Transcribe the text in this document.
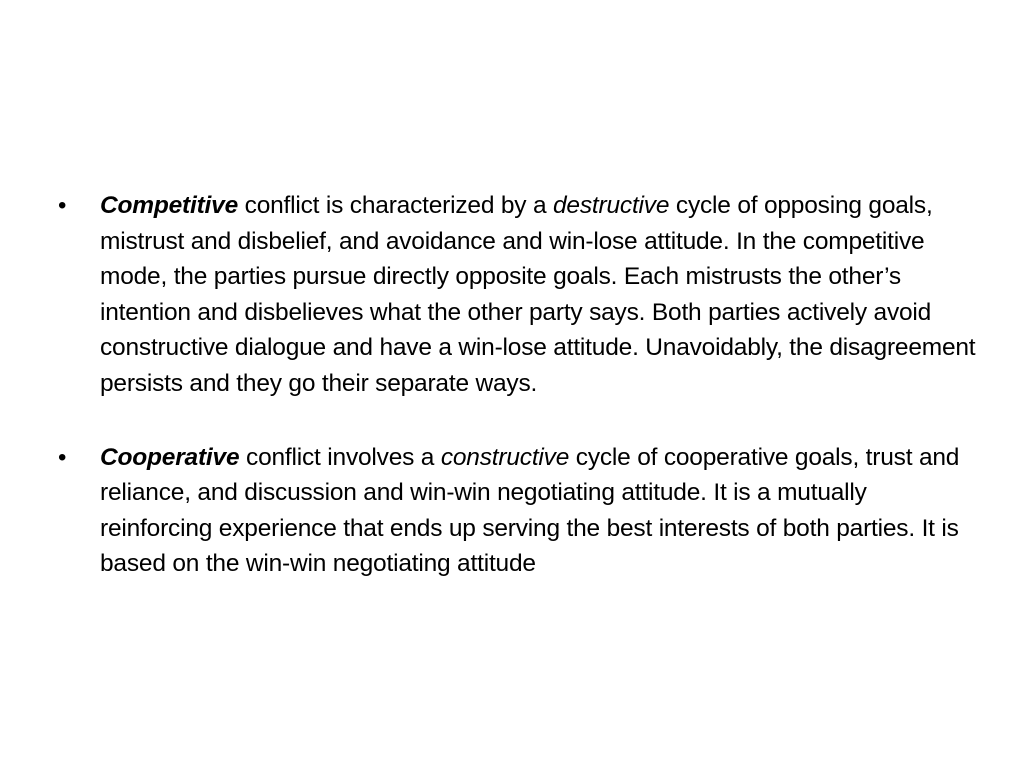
• Competitive conflict is characterized by a destructive cycle of opposing goals, mistrust and disbelief, and avoidance and win-lose attitude. In the competitive mode, the parties pursue directly opposite goals. Each mistrusts the other’s intention and disbelieves what the other party says. Both parties actively avoid constructive dialogue and have a win-lose attitude. Unavoidably, the disagreement persists and they go their separate ways.
• Cooperative conflict involves a constructive cycle of cooperative goals, trust and reliance, and discussion and win-win negotiating attitude. It is a mutually reinforcing experience that ends up serving the best interests of both parties. It is based on the win-win negotiating attitude
